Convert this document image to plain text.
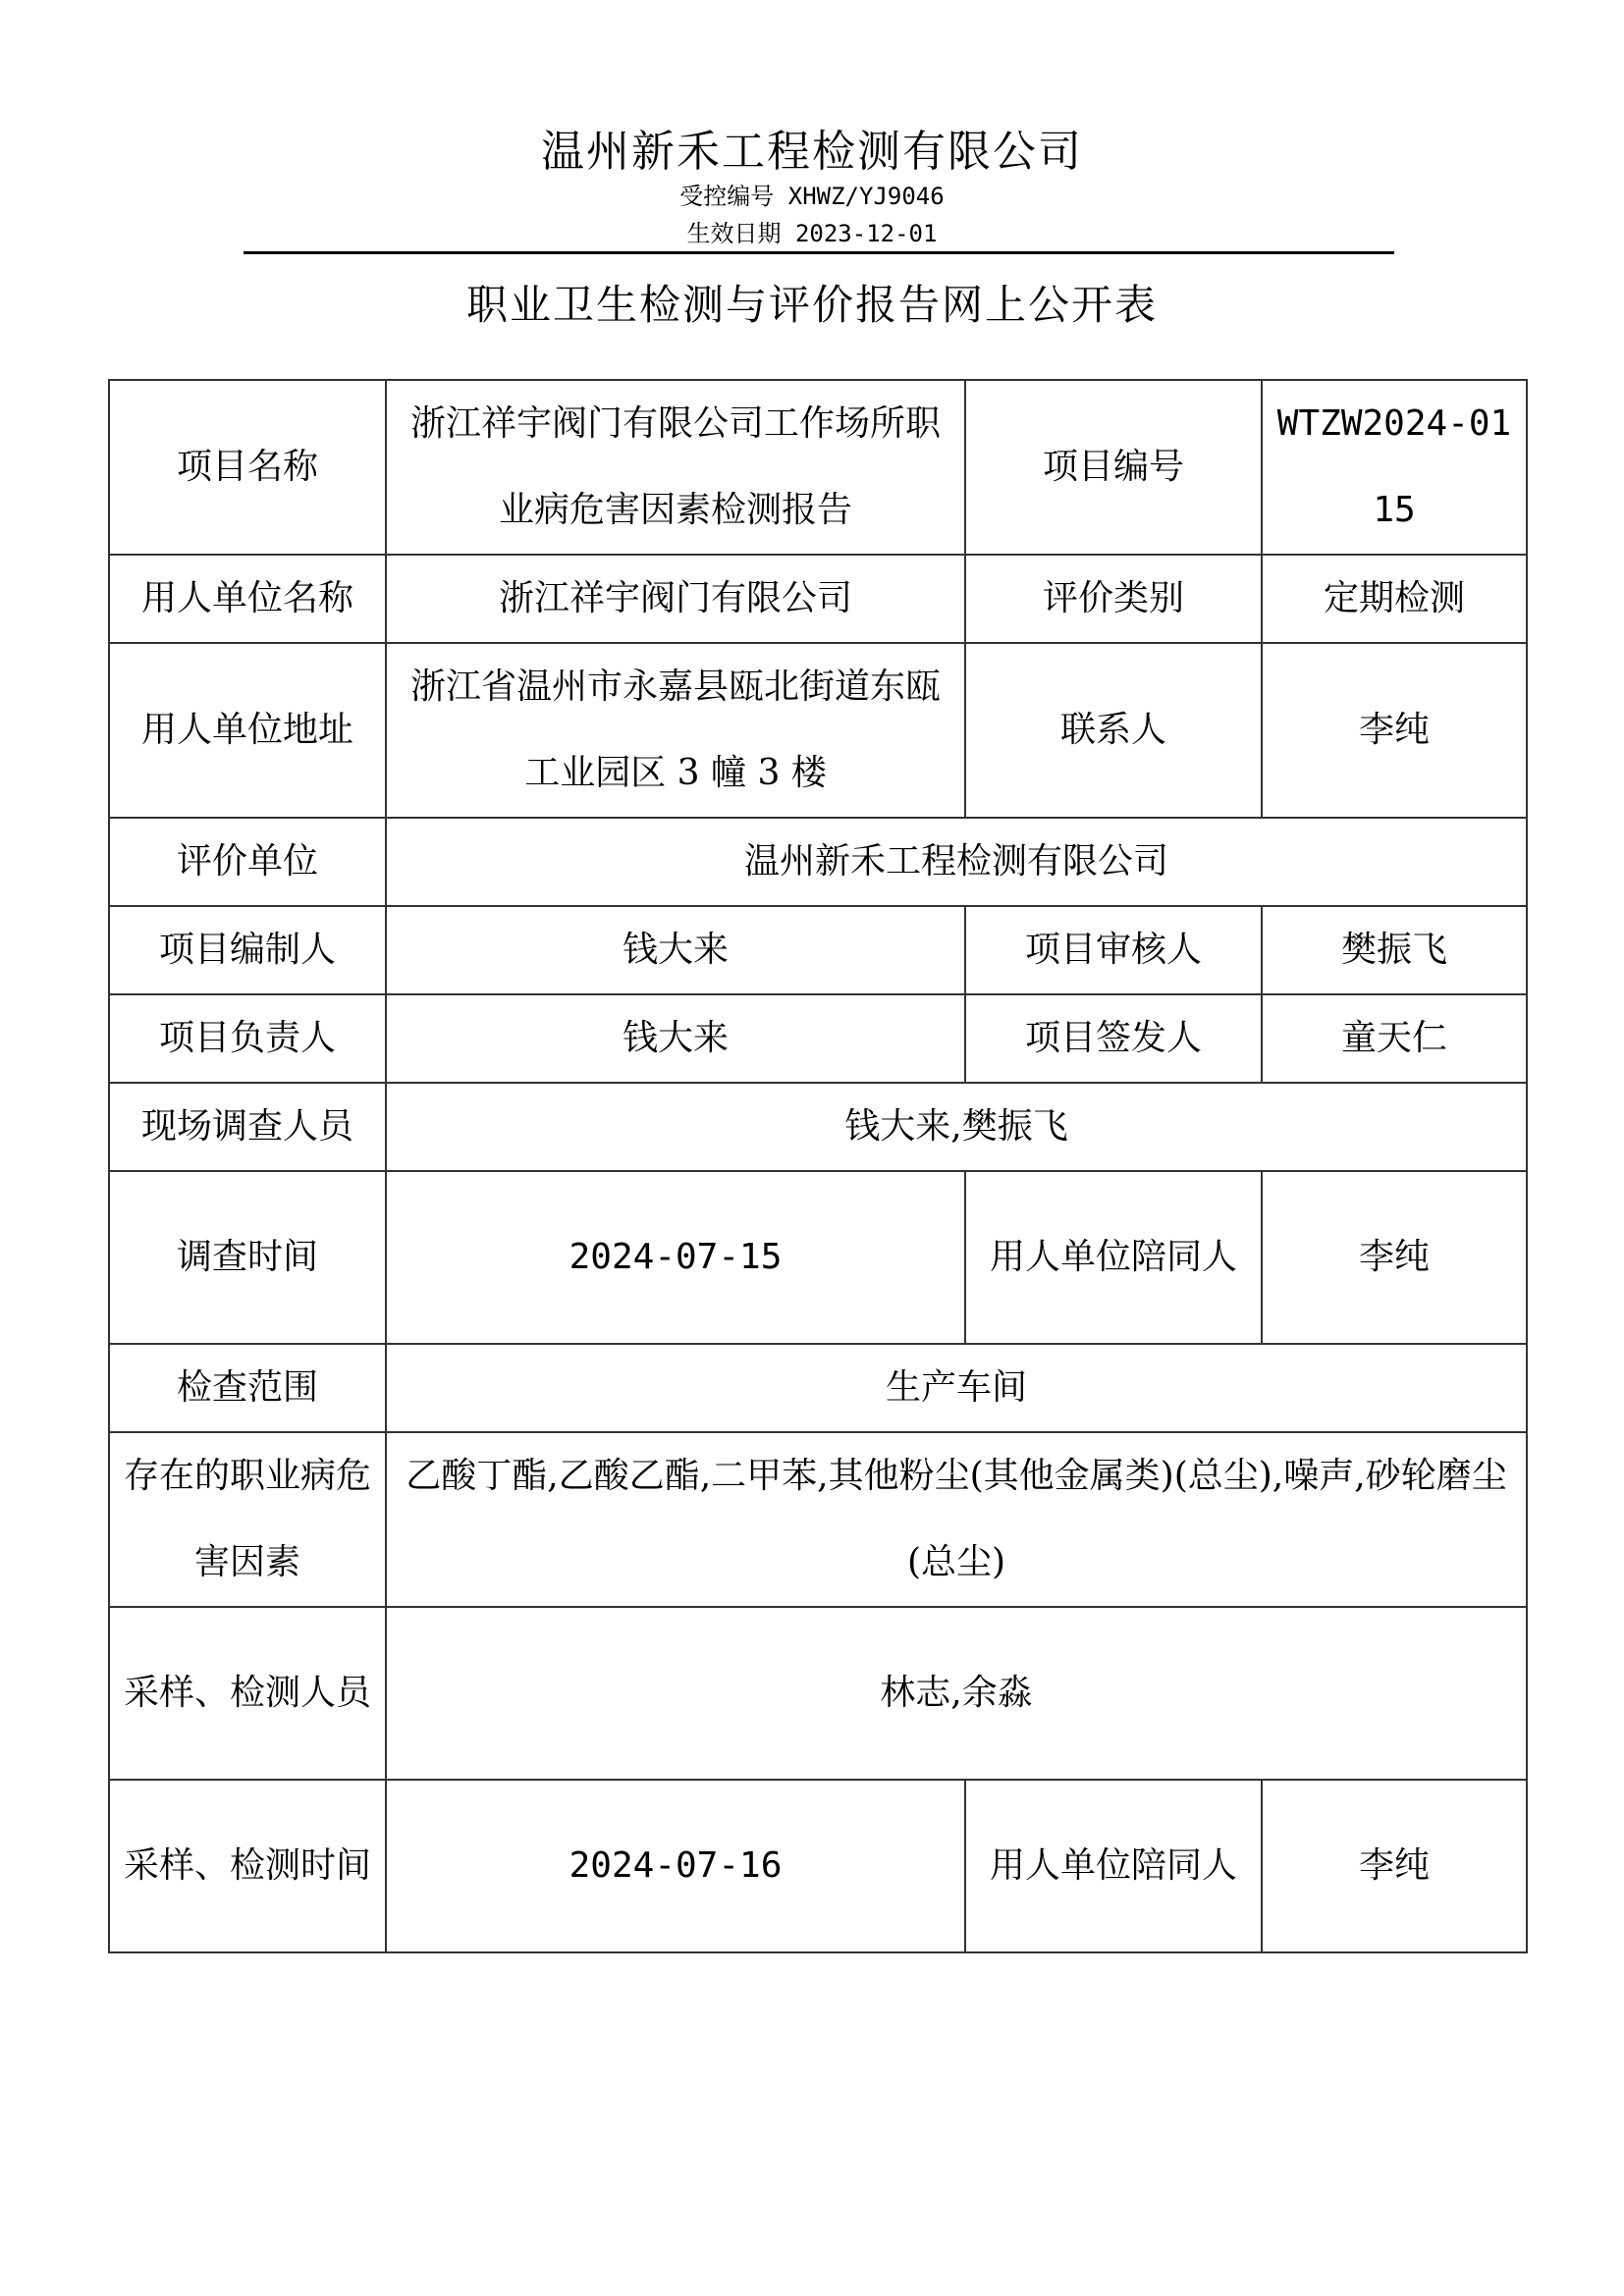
温州新禾工程检测有限公司
受控编号 XHWZ/YJ9046
生效日期 2023-12-01
职业卫生检测与评价报告网上公开表
项目名称	浙江祥宇阀门有限公司工作场所职业病危害因素检测报告	项目编号	WTZW2024-0115
用人单位名称	浙江祥宇阀门有限公司	评价类别	定期检测
用人单位地址	浙江省温州市永嘉县瓯北街道东瓯工业园区 3 幢 3 楼	联系人	李纯
评价单位	温州新禾工程检测有限公司		
项目编制人	钱大来	项目审核人	樊振飞
项目负责人	钱大来	项目签发人	童天仁
现场调查人员	钱大来,樊振飞		
调查时间	2024-07-15	用人单位陪同人	李纯
检查范围	生产车间		
存在的职业病危害因素	乙酸丁酯,乙酸乙酯,二甲苯,其他粉尘(其他金属类)(总尘),噪声,砂轮磨尘(总尘)		
采样、检测人员	林志,余淼		
采样、检测时间	2024-07-16	用人单位陪同人	李纯
